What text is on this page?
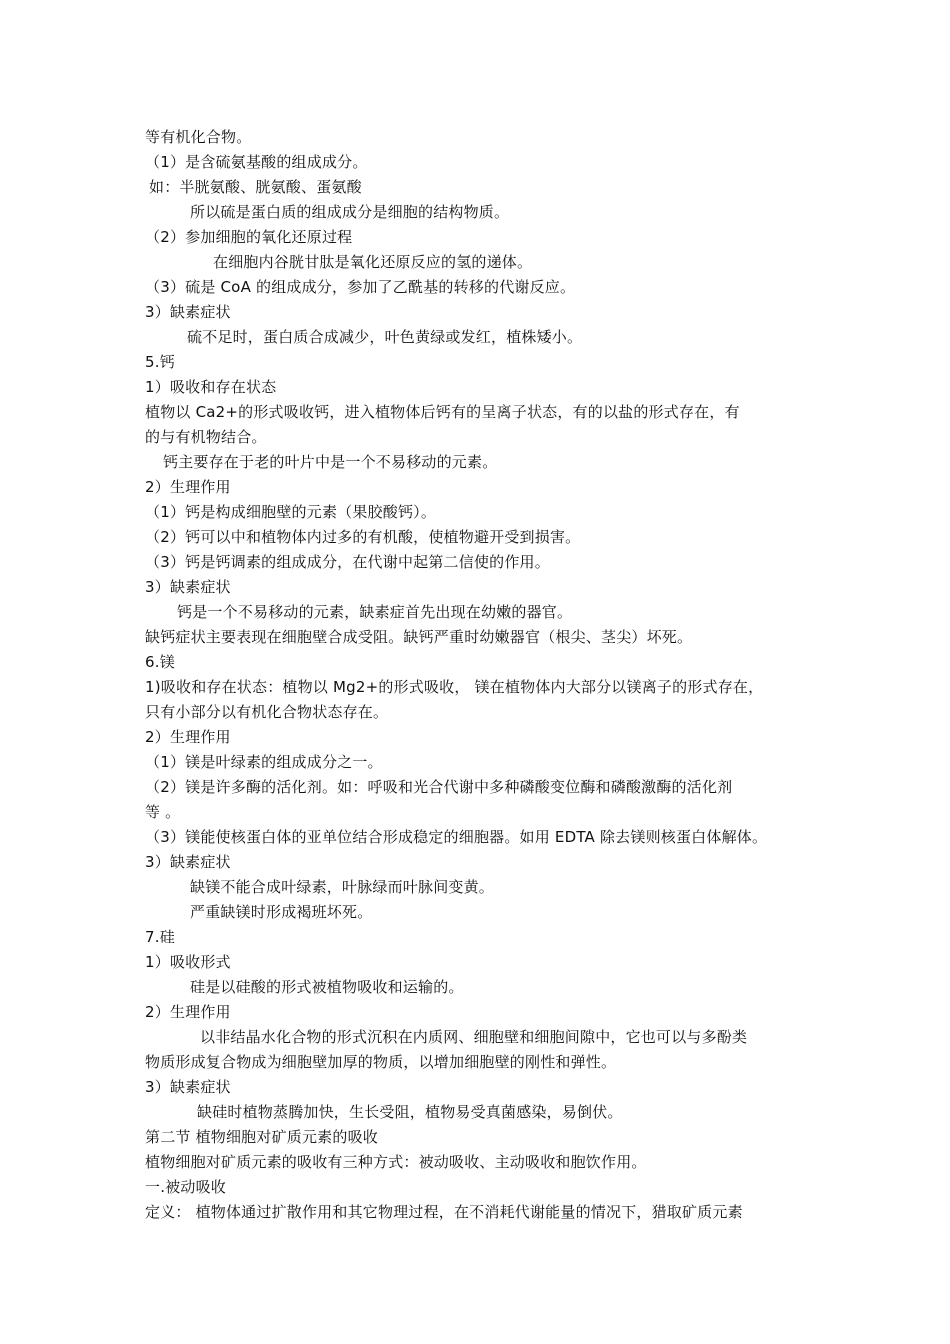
等有机化合物。
（1）是含硫氨基酸的组成成分。
如：半胱氨酸、胱氨酸、蛋氨酸
所以硫是蛋白质的组成成分是细胞的结构物质。
（2）参加细胞的氧化还原过程
在细胞内谷胱甘肽是氧化还原反应的氢的递体。
（3）硫是 CoA 的组成成分，参加了乙酰基的转移的代谢反应。
3）缺素症状
硫不足时，蛋白质合成减少，叶色黄绿或发红，植株矮小。
5.钙
1）吸收和存在状态
植物以 Ca2+的形式吸收钙，进入植物体后钙有的呈离子状态，有的以盐的形式存在，有
的与有机物结合。
钙主要存在于老的叶片中是一个不易移动的元素。
2）生理作用
（1）钙是构成细胞壁的元素（果胶酸钙）。
（2）钙可以中和植物体内过多的有机酸，使植物避开受到损害。
（3）钙是钙调素的组成成分，在代谢中起第二信使的作用。
3）缺素症状
钙是一个不易移动的元素，缺素症首先出现在幼嫩的器官。
缺钙症状主要表现在细胞壁合成受阻。缺钙严重时幼嫩器官（根尖、茎尖）坏死。
6.镁
1)吸收和存在状态：植物以 Mg2+的形式吸收， 镁在植物体内大部分以镁离子的形式存在，
只有小部分以有机化合物状态存在。
2）生理作用
（1）镁是叶绿素的组成成分之一。
（2）镁是许多酶的活化剂。如：呼吸和光合代谢中多种磷酸变位酶和磷酸激酶的活化剂
等 。
（3）镁能使核蛋白体的亚单位结合形成稳定的细胞器。如用 EDTA 除去镁则核蛋白体解体。
3）缺素症状
缺镁不能合成叶绿素，叶脉绿而叶脉间变黄。
严重缺镁时形成褐班坏死。
7.硅
1）吸收形式
硅是以硅酸的形式被植物吸收和运输的。
2）生理作用
以非结晶水化合物的形式沉积在内质网、细胞壁和细胞间隙中，它也可以与多酚类
物质形成复合物成为细胞壁加厚的物质，以增加细胞壁的刚性和弹性。
3）缺素症状
缺硅时植物蒸腾加快，生长受阻，植物易受真菌感染，易倒伏。
第二节 植物细胞对矿质元素的吸收
植物细胞对矿质元素的吸收有三种方式：被动吸收、主动吸收和胞饮作用。
一.被动吸收
定义： 植物体通过扩散作用和其它物理过程，在不消耗代谢能量的情况下，猎取矿质元素
